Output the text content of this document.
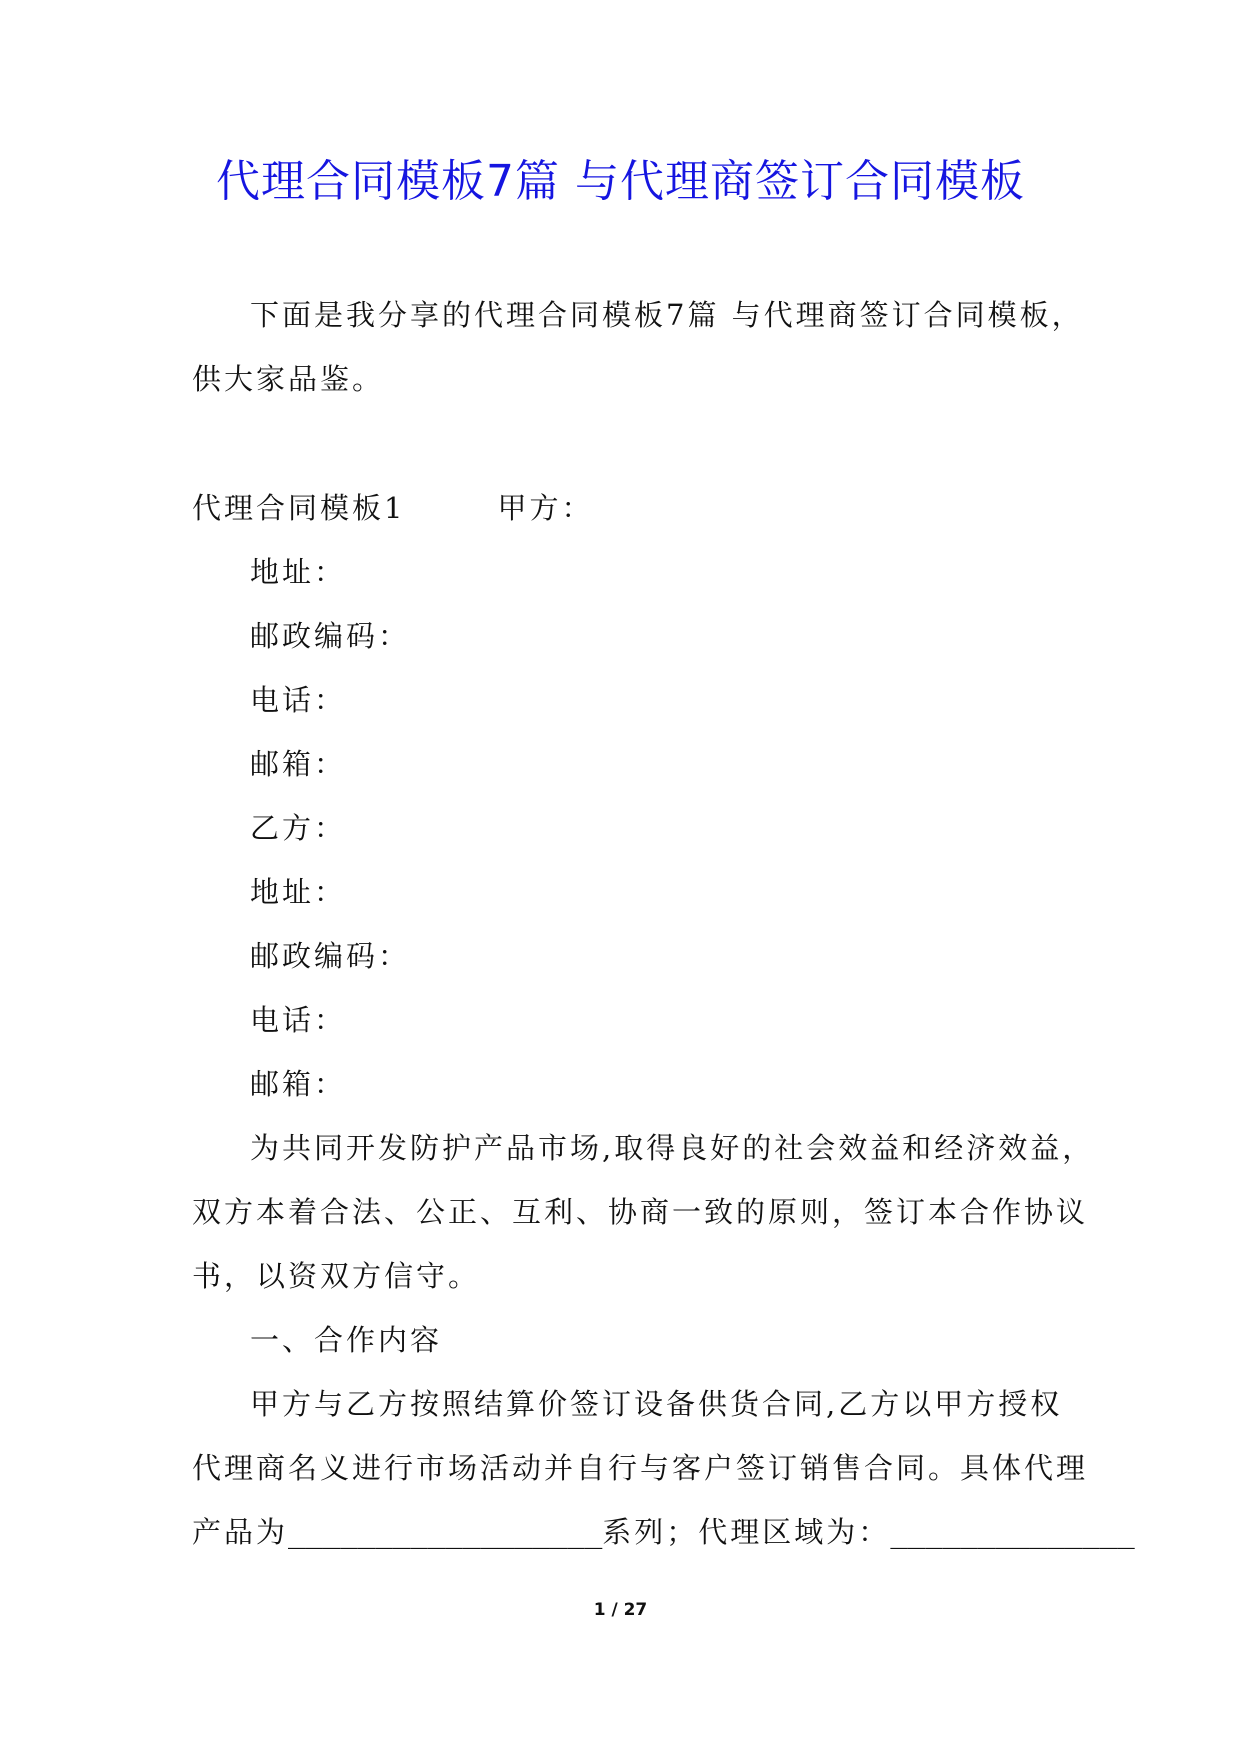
代理合同模板7篇 与代理商签订合同模板

下面是我分享的代理合同模板7篇 与代理商签订合同模板，
供大家品鉴。

代理合同模板1	甲方：

地址：

邮政编码：

电话：

邮箱：

乙方：

地址：

邮政编码：

电话：

邮箱：

为共同开发防护产品市场,取得良好的社会效益和经济效益，
双方本着合法、公正、互利、协商一致的原则，签订本合作协议
书，以资双方信守。

一、合作内容

甲方与乙方按照结算价签订设备供货合同,乙方以甲方授权
代理商名义进行市场活动并自行与客户签订销售合同。具体代理
产品为__________________系列；代理区域为：______________

1 / 27
